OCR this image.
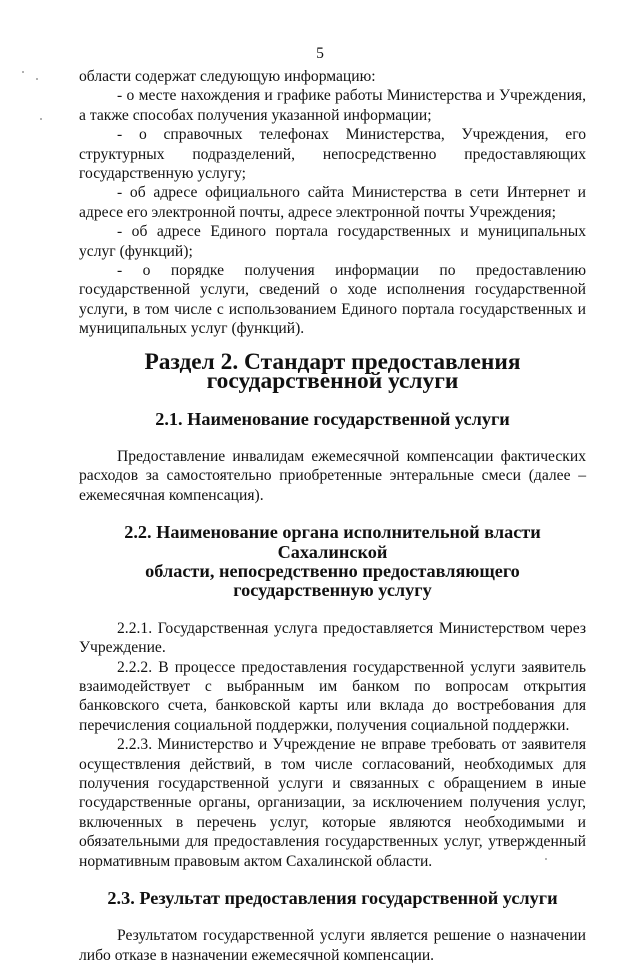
5

области содержат следующую информацию:

- о месте нахождения и графике работы Министерства и Учреждения, а также способах получения указанной информации;

- о справочных телефонах Министерства, Учреждения, его структурных подразделений, непосредственно предоставляющих государственную услугу;

- об адресе официального сайта Министерства в сети Интернет и адресе его электронной почты, адресе электронной почты Учреждения;

- об адресе Единого портала государственных и муниципальных услуг (функций);

- о порядке получения информации по предоставлению государственной услуги, сведений о ходе исполнения государственной услуги, в том числе с использованием Единого портала государственных и муниципальных услуг (функций).

Раздел 2. Стандарт предоставления государственной услуги
2.1. Наименование государственной услуги

Предоставление инвалидам ежемесячной компенсации фактических расходов за самостоятельно приобретенные энтеральные смеси (далее – ежемесячная компенсация).

2.2. Наименование органа исполнительной власти Сахалинской
области, непосредственно предоставляющего государственную услугу

2.2.1. Государственная услуга предоставляется Министерством через Учреждение.

2.2.2. В процессе предоставления государственной услуги заявитель взаимодействует с выбранным им банком по вопросам открытия банковского счета, банковской карты или вклада до востребования для перечисления социальной поддержки, получения социальной поддержки.

2.2.3. Министерство и Учреждение не вправе требовать от заявителя осуществления действий, в том числе согласований, необходимых для получения государственной услуги и связанных с обращением в иные государственные органы, организации, за исключением получения услуг, включенных в перечень услуг, которые являются необходимыми и обязательными для предоставления государственных услуг, утвержденный нормативным правовым актом Сахалинской области.

2.3. Результат предоставления государственной услуги

Результатом государственной услуги является решение о назначении либо отказе в назначении ежемесячной компенсации.
